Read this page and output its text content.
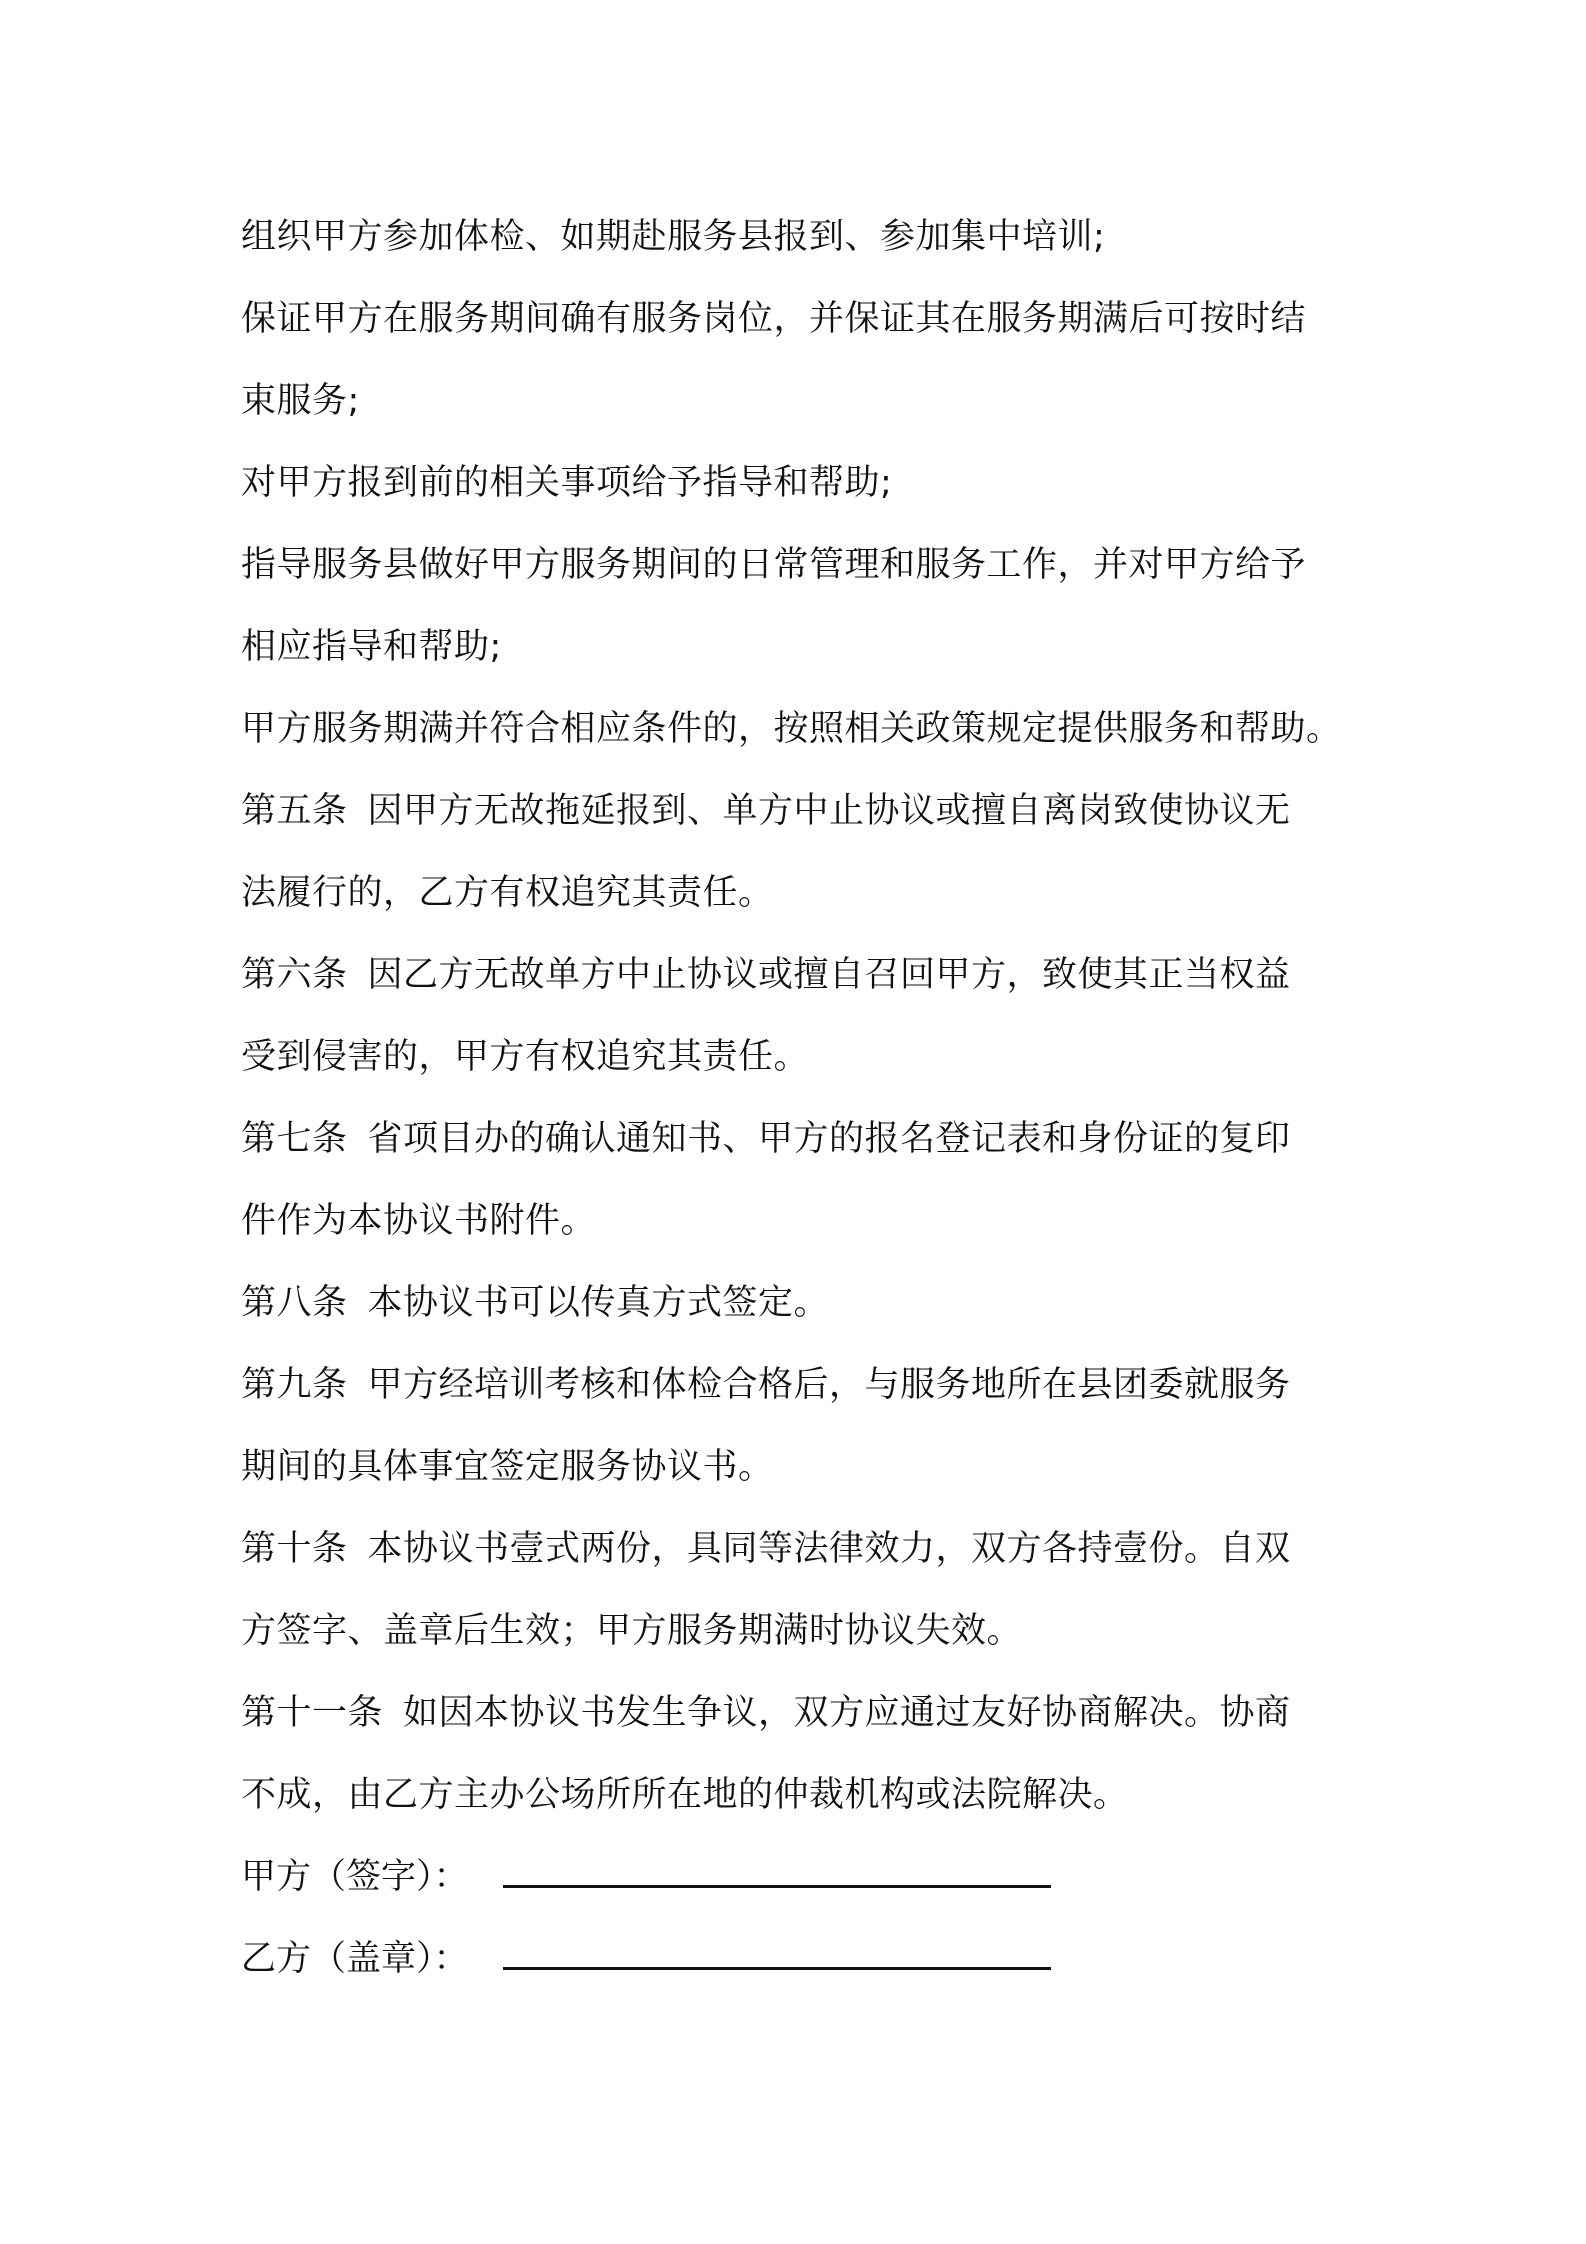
组织甲方参加体检、如期赴服务县报到、参加集中培训;

保证甲方在服务期间确有服务岗位，并保证其在服务期满后可按时结
束服务;

对甲方报到前的相关事项给予指导和帮助;

指导服务县做好甲方服务期间的日常管理和服务工作，并对甲方给予
相应指导和帮助;

甲方服务期满并符合相应条件的，按照相关政策规定提供服务和帮助。

第五条 因甲方无故拖延报到、单方中止协议或擅自离岗致使协议无
法履行的，乙方有权追究其责任。

第六条 因乙方无故单方中止协议或擅自召回甲方，致使其正当权益
受到侵害的，甲方有权追究其责任。

第七条 省项目办的确认通知书、甲方的报名登记表和身份证的复印
件作为本协议书附件。

第八条 本协议书可以传真方式签定。

第九条 甲方经培训考核和体检合格后，与服务地所在县团委就服务
期间的具体事宜签定服务协议书。

第十条 本协议书壹式两份，具同等法律效力，双方各持壹份。自双
方签字、盖章后生效；甲方服务期满时协议失效。

第十一条 如因本协议书发生争议，双方应通过友好协商解决。协商
不成，由乙方主办公场所所在地的仲裁机构或法院解决。

甲方（签字）：

乙方（盖章）：
